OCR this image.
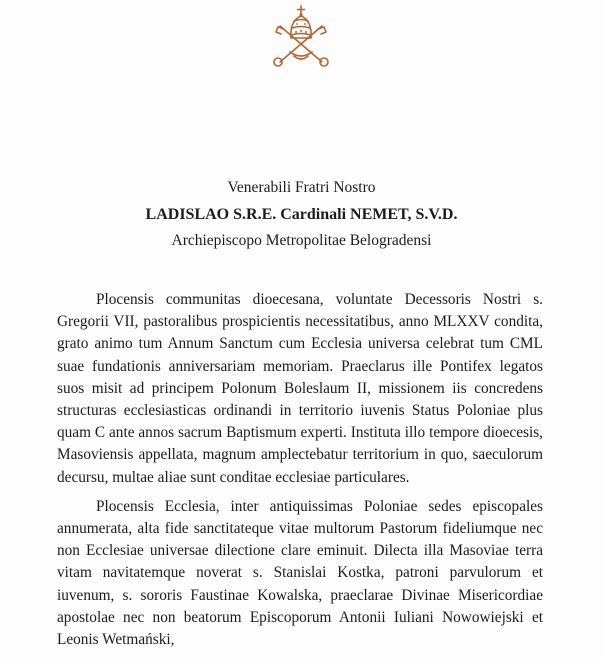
Venerabili Fratri Nostro
LADISLAO S.R.E. Cardinali NEMET, S.V.D.
Archiepiscopo Metropolitae Belogradensi

Plocensis communitas dioecesana, voluntate Decessoris Nostri s. Gregorii VII, pastoralibus prospicientis necessitatibus, anno MLXXV condita, grato animo tum Annum Sanctum cum Ecclesia universa celebrat tum CML suae fundationis anniversariam memoriam. Praeclarus ille Pontifex legatos suos misit ad principem Polonum Boleslaum II, missionem iis concredens structuras ecclesiasticas ordinandi in territorio iuvenis Status Poloniae plus quam C ante annos sacrum Baptismum experti. Instituta illo tempore dioecesis, Masoviensis appellata, magnum amplectebatur territorium in quo, saeculorum decursu, multae aliae sunt conditae ecclesiae particulares.

Plocensis Ecclesia, inter antiquissimas Poloniae sedes episcopales annumerata, alta fide sanctitateque vitae multorum Pastorum fideliumque nec non Ecclesiae universae dilectione clare eminuit. Dilecta illa Masoviae terra vitam navitatemque noverat s. Stanislai Kostka, patroni parvulorum et iuvenum, s. sororis Faustinae Kowalska, praeclarae Divinae Misericordiae apostolae nec non beatorum Episcoporum Antonii Iuliani Nowowiejski et Leonis Wetmański,
